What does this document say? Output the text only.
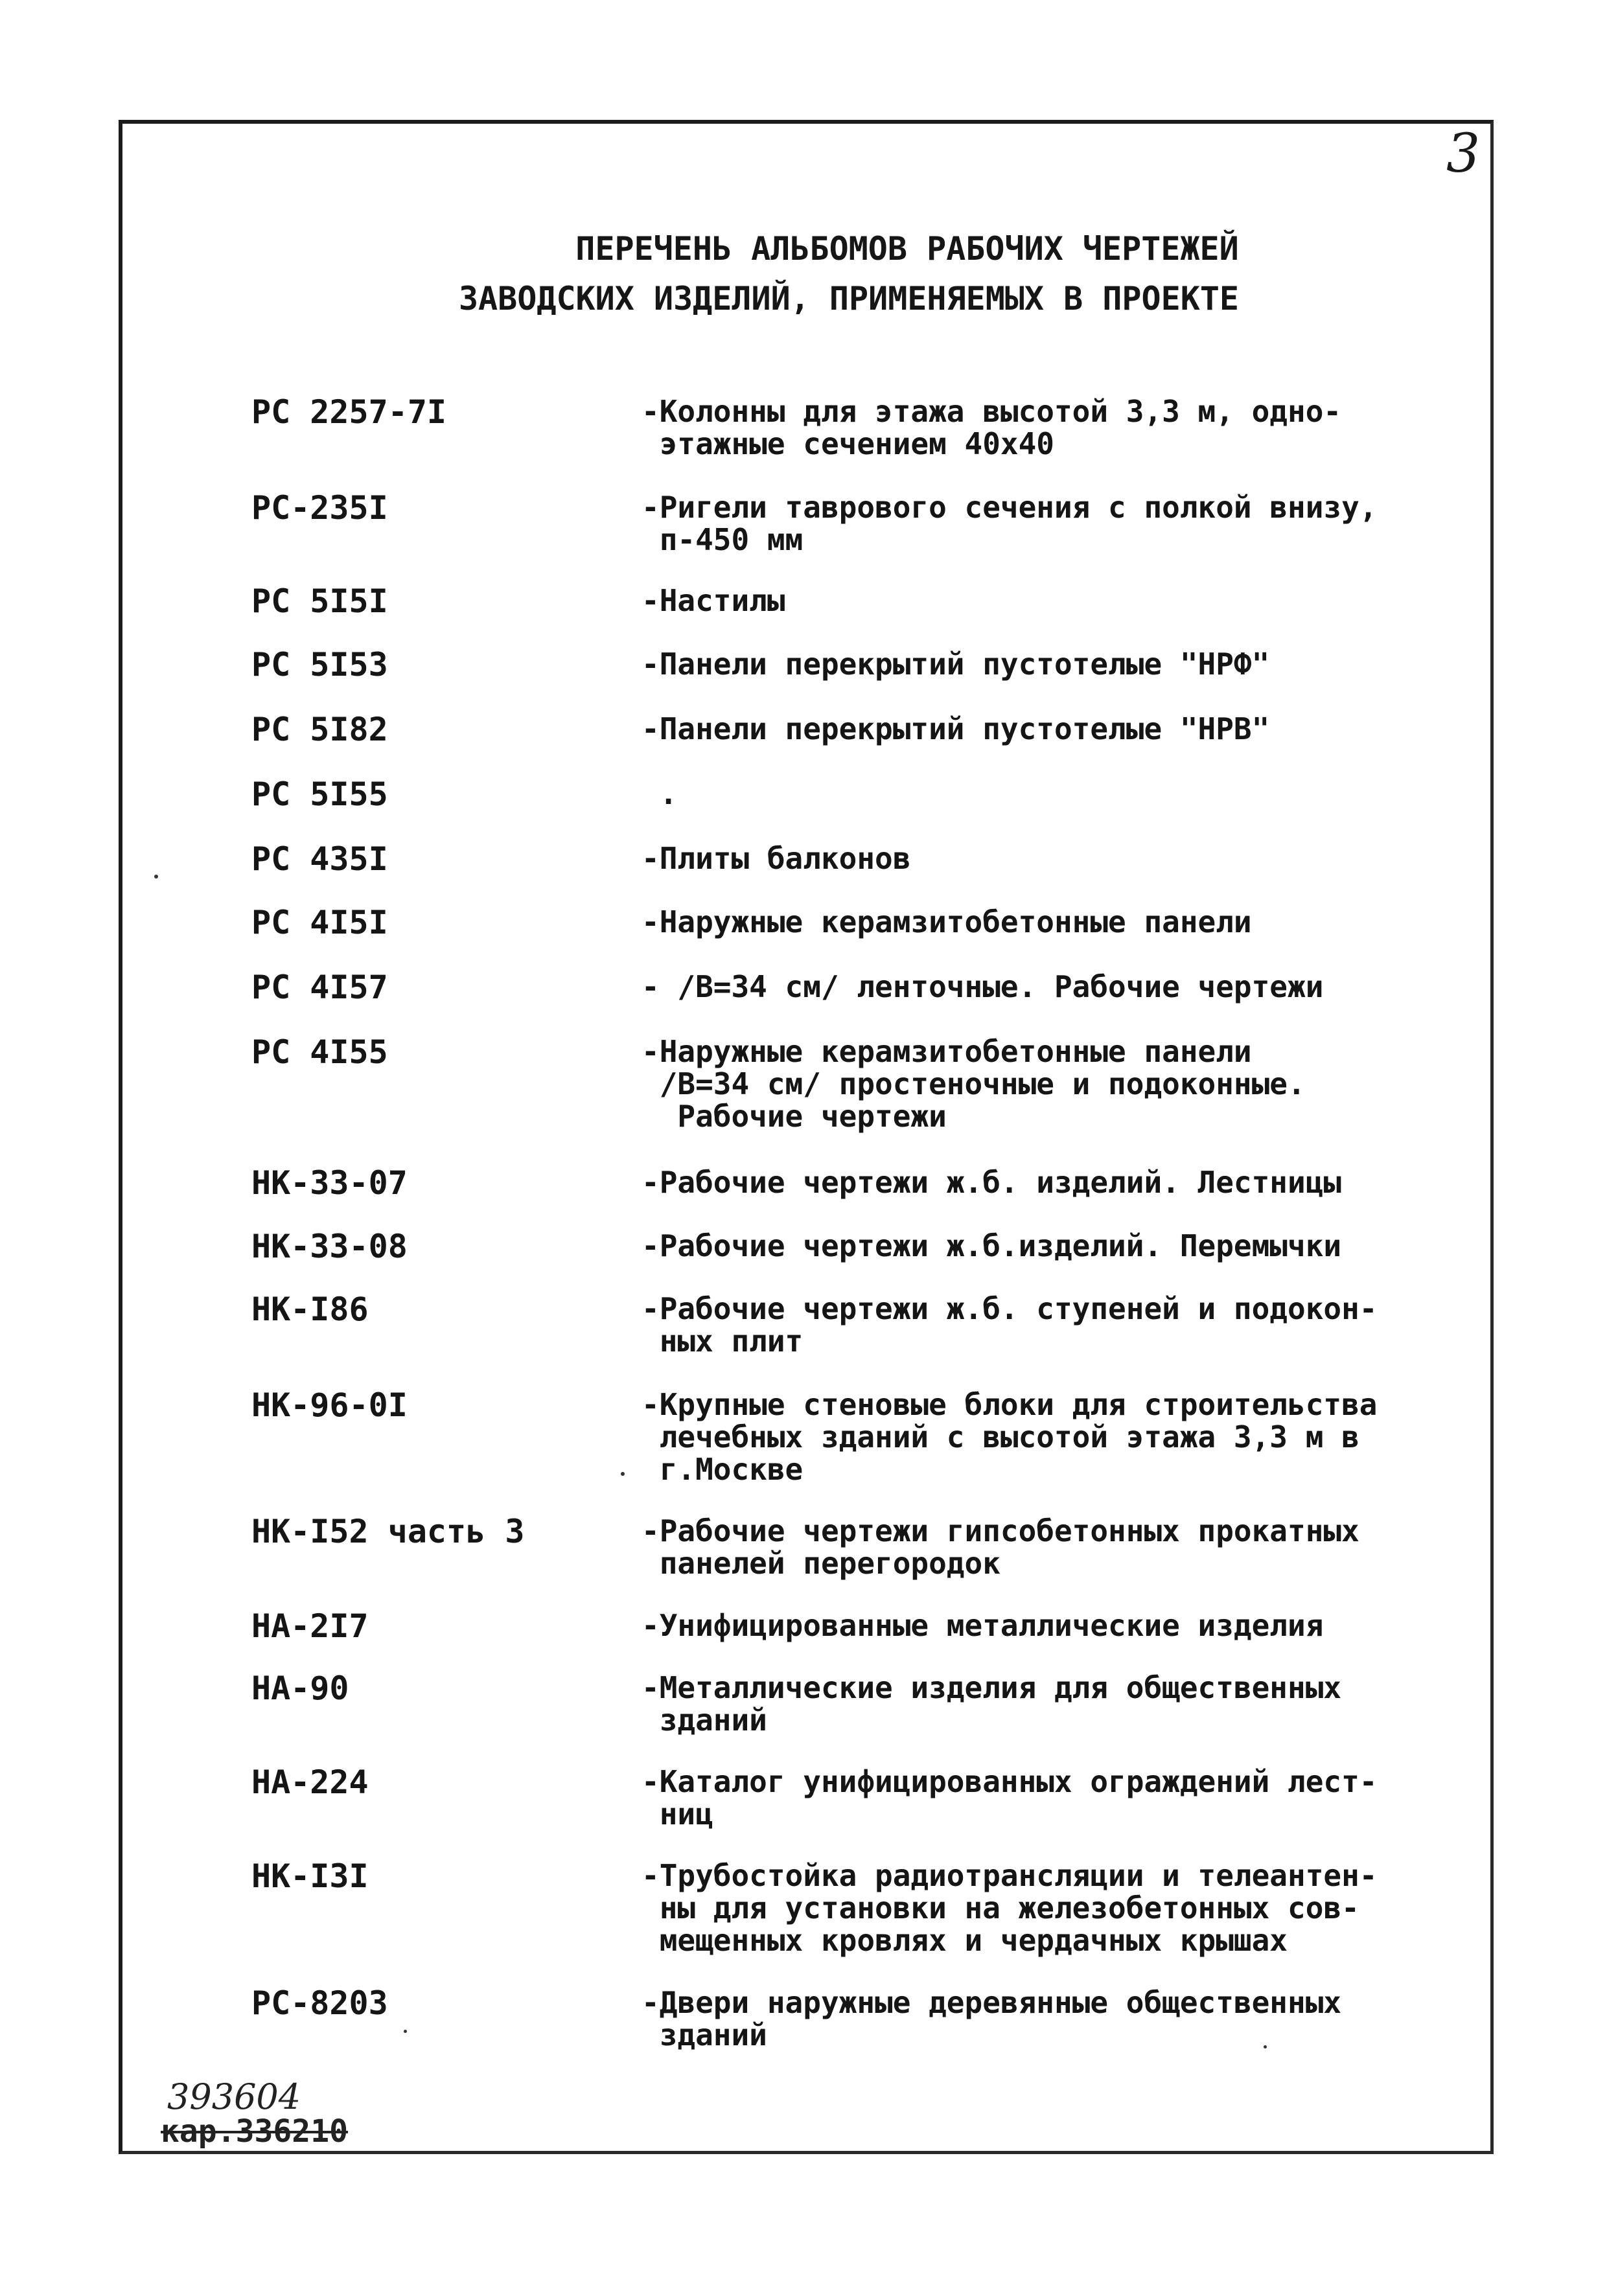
3
ПЕРЕЧЕНЬ АЛЬБОМОВ РАБОЧИХ ЧЕРТЕЖЕЙ
ЗАВОДСКИХ ИЗДЕЛИЙ, ПРИМЕНЯЕМЫХ В ПРОЕКТЕ
РС 2257-7I	-Колонны для этажа высотой 3,3 м, одно-
этажные сечением 40х40
РС-235I	-Ригели таврового сечения с полкой внизу,
п-450 мм
РС 5I5I	-Настилы
РС 5I53	-Панели перекрытий пустотелые "НРФ"
РС 5I82	-Панели перекрытий пустотелые "НРВ"
РС 5I55	.
РС 435I	-Плиты балконов
РС 4I5I	-Наружные керамзитобетонные панели
РС 4I57	- /В=34 см/ ленточные. Рабочие чертежи
РС 4I55	-Наружные керамзитобетонные панели
/В=34 см/ простеночные и подоконные.
Рабочие чертежи
НК-33-07	-Рабочие чертежи ж.б. изделий. Лестницы
НК-33-08	-Рабочие чертежи ж.б.изделий. Перемычки
НК-I86	-Рабочие чертежи ж.б. ступеней и подокон-
ных плит
НК-96-0I	-Крупные стеновые блоки для строительства
лечебных зданий с высотой этажа 3,3 м в
г.Москве
НК-I52 часть 3	-Рабочие чертежи гипсобетонных прокатных
панелей перегородок
НА-2I7	-Унифицированные металлические изделия
НА-90	-Металлические изделия для общественных
зданий
НА-224	-Каталог унифицированных ограждений лест-
ниц
НК-I3I	-Трубостойка радиотрансляции и телеантен-
ны для установки на железобетонных сов-
мещенных кровлях и чердачных крышах
РС-8203	-Двери наружные деревянные общественных
зданий
393604
кар.336210
